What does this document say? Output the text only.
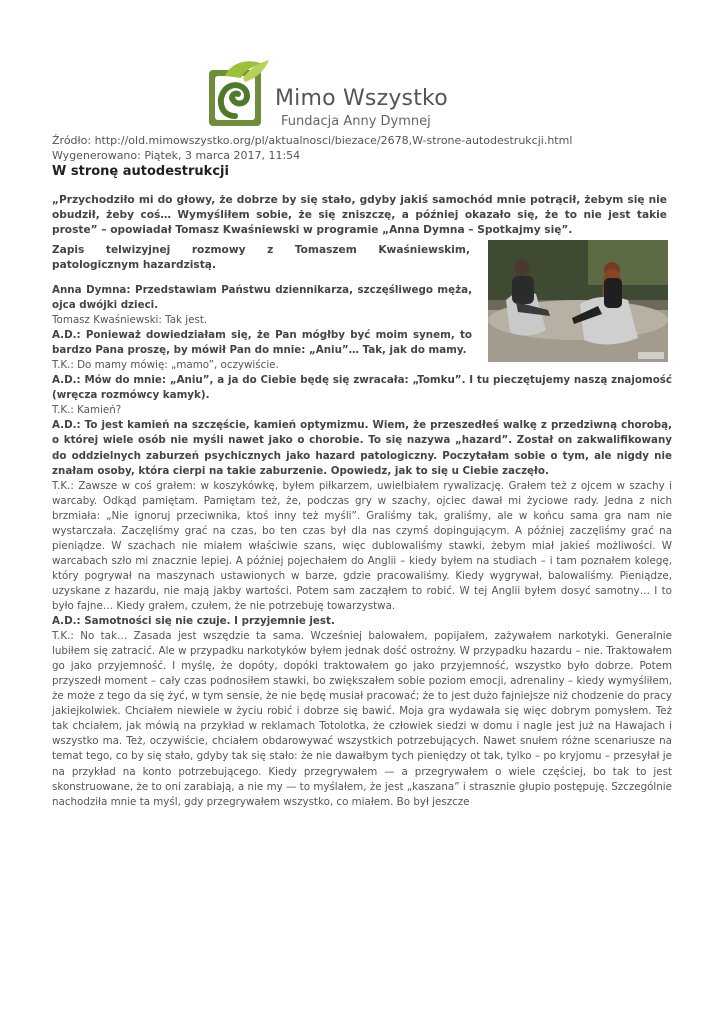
Mimo Wszystko
Fundacja Anny Dymnej
Źródło: http://old.mimowszystko.org/pl/aktualnosci/biezace/2678,W-strone-autodestrukcji.html
Wygenerowano: Piątek, 3 marca 2017, 11:54
W stronę autodestrukcji
„Przychodziło mi do głowy, że dobrze by się stało, gdyby jakiś samochód mnie potrącił, żebym się nie obudził, żeby coś… Wymyśliłem sobie, że się zniszczę, a później okazało się, że to nie jest takie proste” – opowiadał Tomasz Kwaśniewski w programie „Anna Dymna – Spotkajmy się”.
Zapis telwizyjnej rozmowy z Tomaszem Kwaśniewskim, patologicznym hazardzistą.

Anna Dymna: Przedstawiam Państwu dziennikarza, szczęśliwego męża, ojca dwójki dzieci.

Tomasz Kwaśniewski: Tak jest.

A.D.: Ponieważ dowiedziałam się, że Pan mógłby być moim synem, to bardzo Pana proszę, by mówił Pan do mnie: „Aniu”… Tak, jak do mamy.

T.K.: Do mamy mówię: „mamo”, oczywiście.

A.D.: Mów do mnie: „Aniu”, a ja do Ciebie będę się zwracała: „Tomku”. I tu pieczętujemy naszą znajomość (wręcza rozmówcy kamyk).

T.K.: Kamień?

A.D.: To jest kamień na szczęście, kamień optymizmu. Wiem, że przeszedłeś walkę z przedziwną chorobą, o której wiele osób nie myśli nawet jako o chorobie. To się nazywa „hazard”. Został on zakwalifikowany do oddzielnych zaburzeń psychicznych jako hazard patologiczny. Poczytałam sobie o tym, ale nigdy nie znałam osoby, która cierpi na takie zaburzenie. Opowiedz, jak to się u Ciebie zaczęło.

T.K.: Zawsze w coś grałem: w koszykówkę, byłem piłkarzem, uwielbiałem rywalizację. Grałem też z ojcem w szachy i warcaby. Odkąd pamiętam. Pamiętam też, że, podczas gry w szachy, ojciec dawał mi życiowe rady. Jedna z nich brzmiała: „Nie ignoruj przeciwnika, ktoś inny też myśli”. Graliśmy tak, graliśmy, ale w końcu sama gra nam nie wystarczała. Zaczęliśmy grać na czas, bo ten czas był dla nas czymś dopingującym. A później zaczęliśmy grać na pieniądze. W szachach nie miałem właściwie szans, więc dublowaliśmy stawki, żebym miał jakieś możliwości. W warcabach szło mi znacznie lepiej. A później pojechałem do Anglii – kiedy byłem na studiach – i tam poznałem kolegę, który pogrywał na maszynach ustawionych w barze, gdzie pracowaliśmy. Kiedy wygrywał, balowaliśmy. Pieniądze, uzyskane z hazardu, nie mają jakby wartości. Potem sam zacząłem to robić. W tej Anglii byłem dosyć samotny… I to było fajne… Kiedy grałem, czułem, że nie potrzebuję towarzystwa.

A.D.: Samotności się nie czuje. I przyjemnie jest.

T.K.: No tak… Zasada jest wszędzie ta sama. Wcześniej balowałem, popijałem, zażywałem narkotyki. Generalnie lubiłem się zatracić. Ale w przypadku narkotyków byłem jednak dość ostrożny. W przypadku hazardu – nie. Traktowałem go jako przyjemność. I myślę, że dopóty, dopóki traktowałem go jako przyjemność, wszystko było dobrze. Potem przyszedł moment – cały czas podnosiłem stawki, bo zwiększałem sobie poziom emocji, adrenaliny – kiedy wymyśliłem, że może z tego da się żyć, w tym sensie, że nie będę musiał pracować; że to jest dużo fajniejsze niż chodzenie do pracy jakiejkolwiek. Chciałem niewiele w życiu robić i dobrze się bawić. Moja gra wydawała się więc dobrym pomysłem. Też tak chciałem, jak mówią na przykład w reklamach Totolotka, że człowiek siedzi w domu i nagle jest już na Hawajach i wszystko ma. Też, oczywiście, chciałem obdarowywać wszystkich potrzebujących. Nawet snułem różne scenariusze na temat tego, co by się stało, gdyby tak się stało: że nie dawałbym tych pieniędzy ot tak, tylko – po kryjomu – przesyłał je na przykład na konto potrzebującego. Kiedy przegrywałem — a przegrywałem o wiele częściej, bo tak to jest skonstruowane, że to oni zarabiają, a nie my — to myślałem, że jest „kaszana” i strasznie głupio postępuję. Szczególnie nachodziła mnie ta myśl, gdy przegrywałem wszystko, co miałem. Bo był jeszcze
